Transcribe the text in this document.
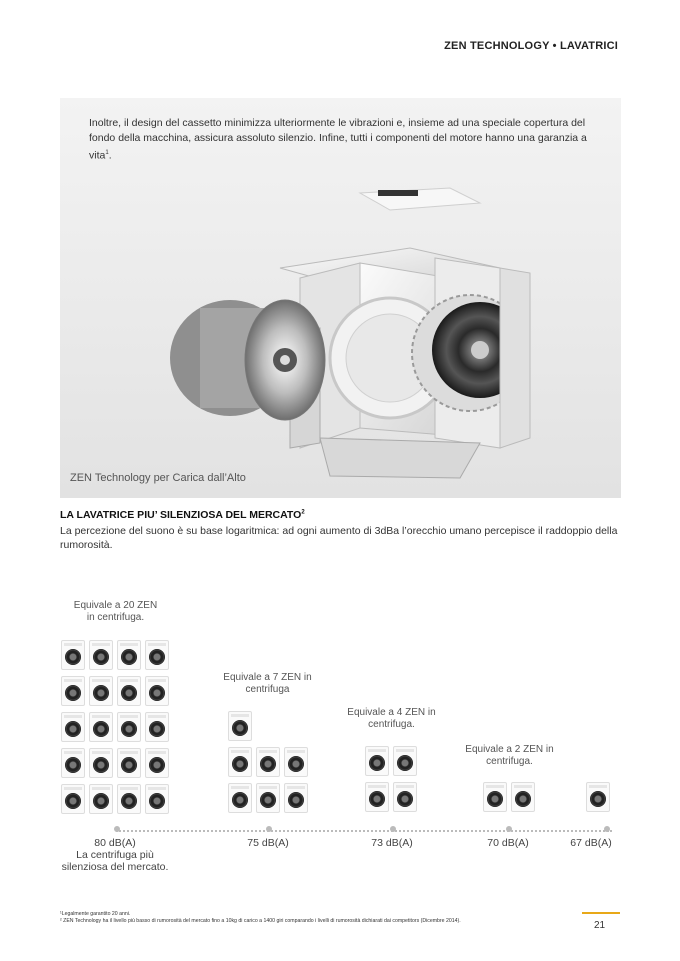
ZEN TECHNOLOGY • LAVATRICI
Inoltre, il design del cassetto minimizza ulteriormente le vibrazioni e, insieme ad una speciale copertura del fondo della macchina, assicura assoluto silenzio. Infine, tutti i componenti del motore hanno una garanzia a vita$^1$.
ZEN Technology per Carica dall’Alto
LA LAVATRICE PIU’ SILENZIOSA DEL MERCATO$^2$
La percezione del suono è su base logaritmica: ad ogni aumento di 3dBa l’orecchio umano percepisce il raddoppio della rumorosità.
Equivale a 20 ZEN
in centrifuga.
Equivale a 7 ZEN in
centrifuga
Equivale a 4 ZEN in
centrifuga.
Equivale a 2 ZEN in
centrifuga.
80 dB(A)
La centrifuga più
silenziosa del mercato.
75 dB(A)	73 dB(A)	70 dB(A)	67 dB(A)
¹Legalmente garantito 20 anni.
² ZEN Technology ha il livello più basso di rumorosità del mercato fino a 10kg di carico a 1400 giri comparando i livelli di rumorosità dichiarati dai competitors (Dicembre 2014).	21
